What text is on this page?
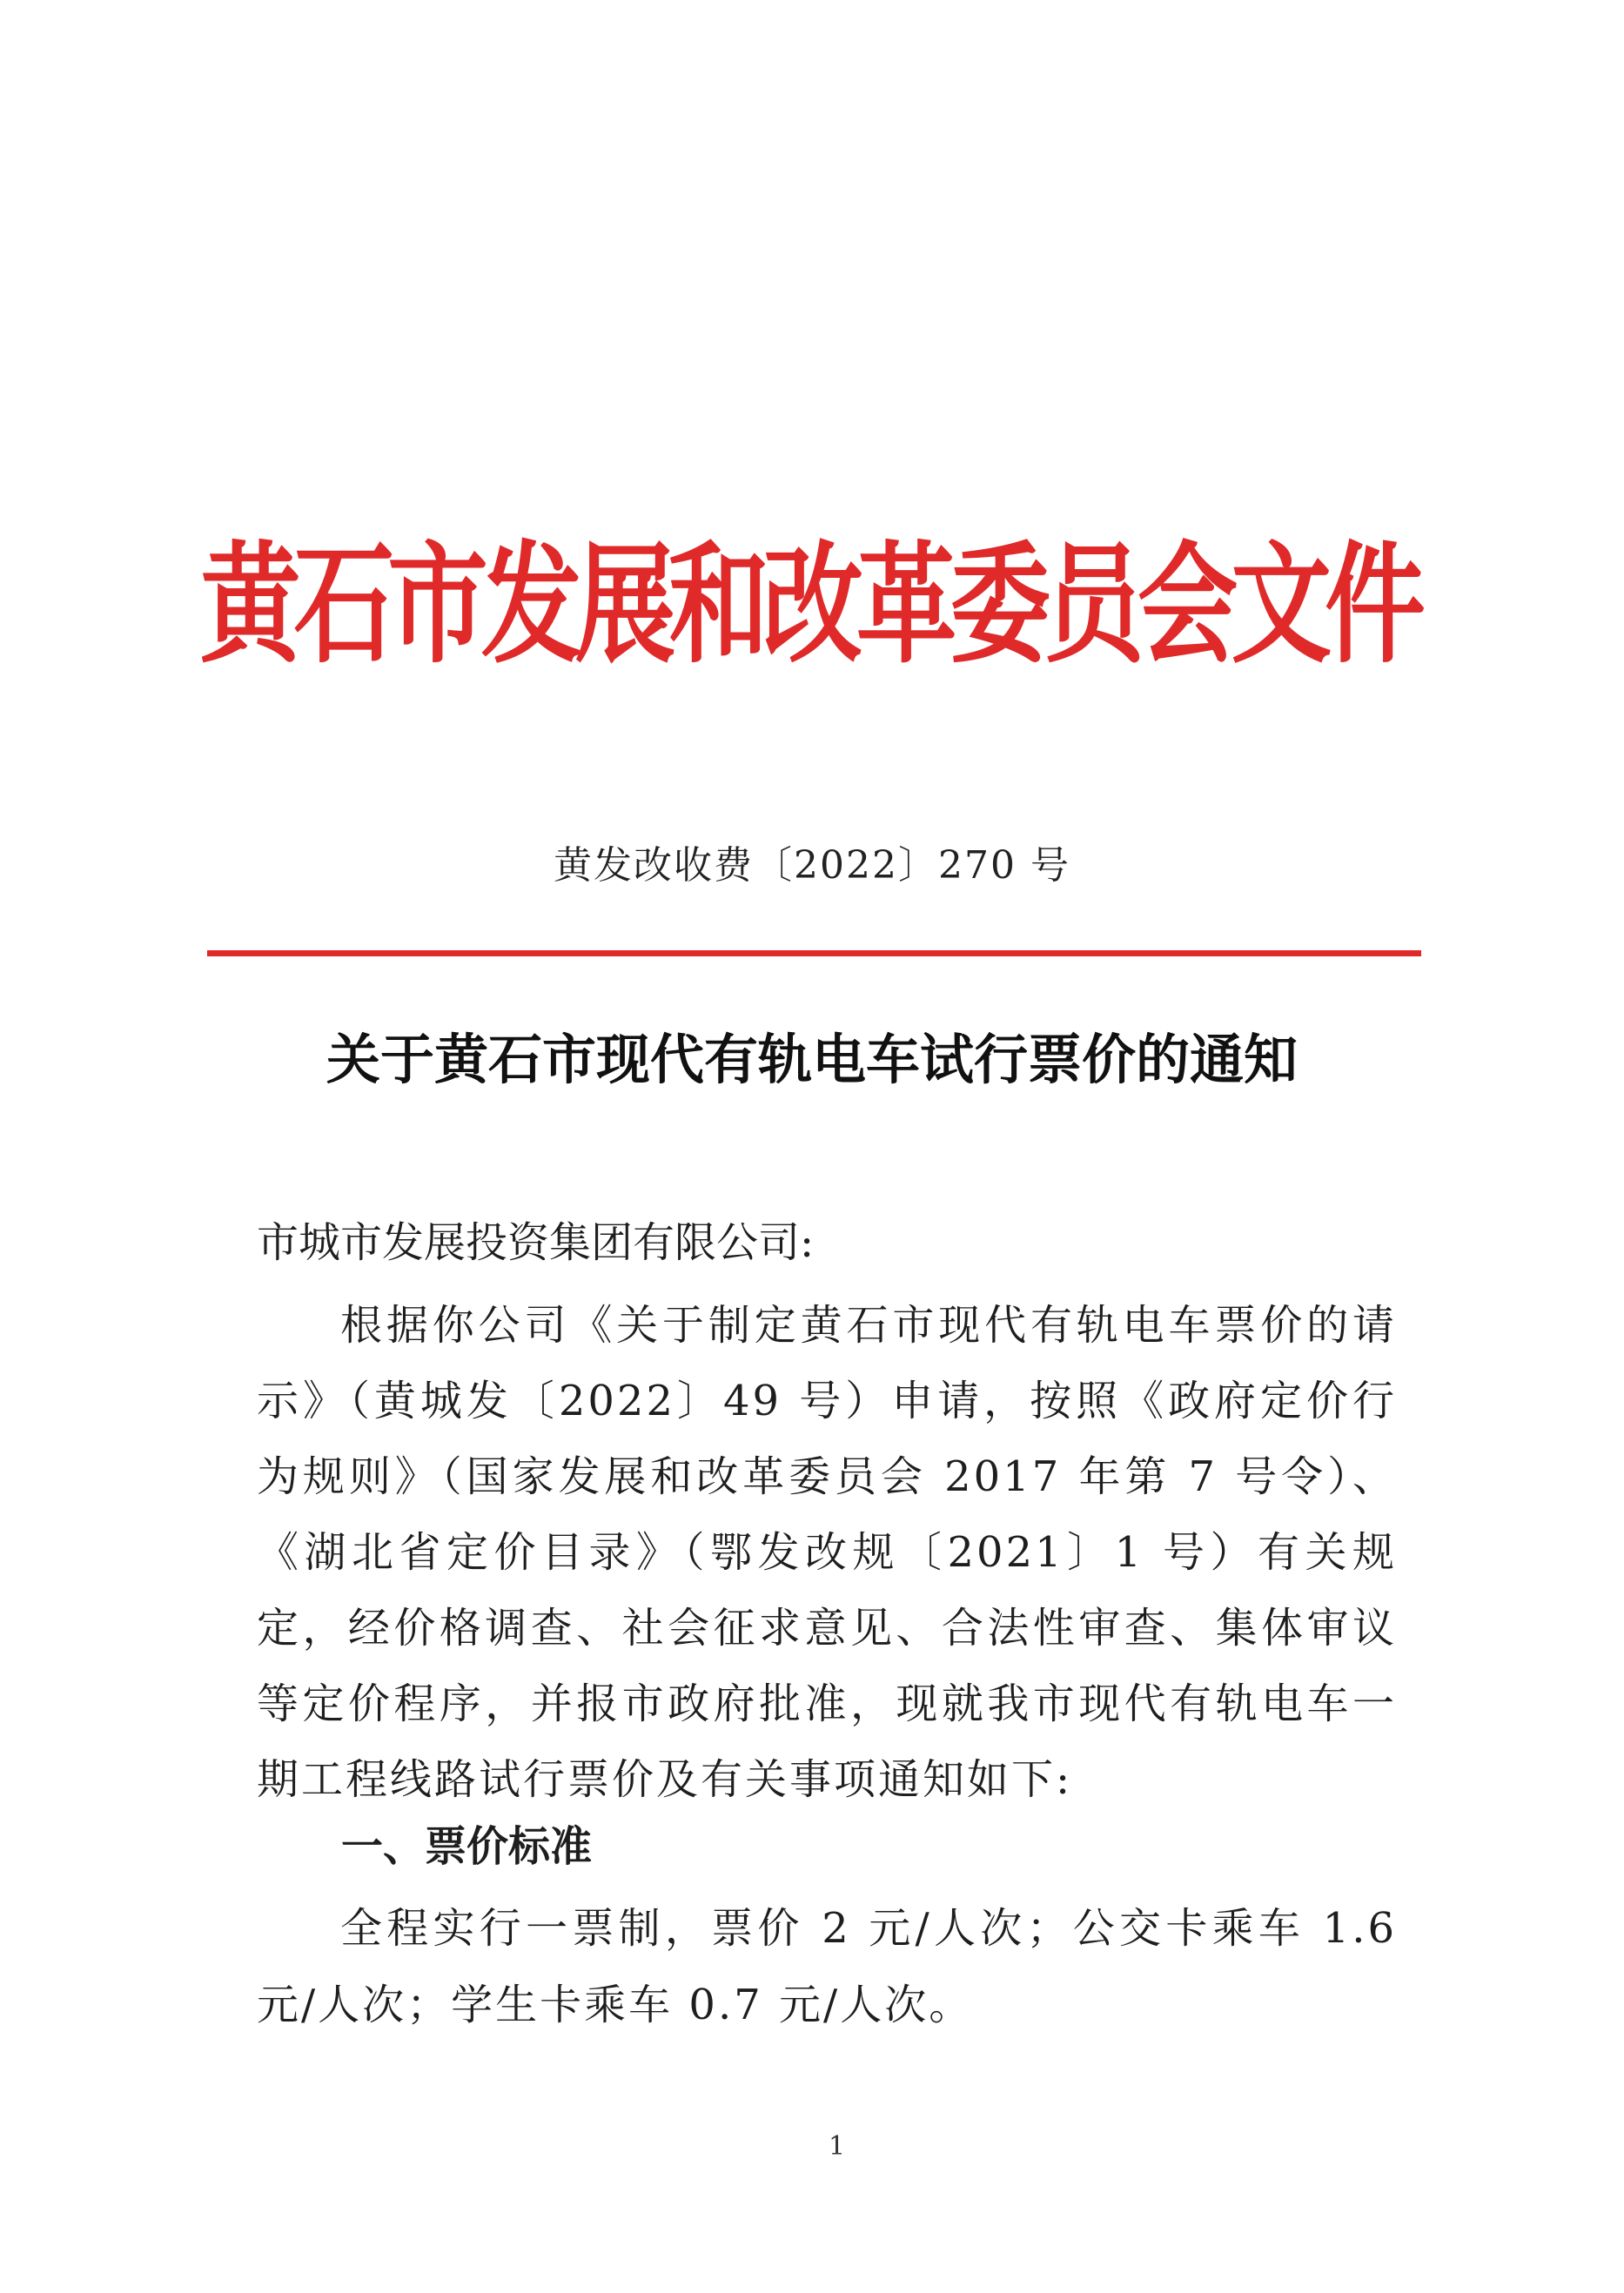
黄石市发展和改革委员会文件
黄发改收费〔2022〕270 号
关于黄石市现代有轨电车试行票价的通知
市城市发展投资集团有限公司:
根据你公司《关于制定黄石市现代有轨电车票价的请示》（黄城发〔2022〕49 号）申请，按照《政府定价行为规则》（国家发展和改革委员会 2017 年第 7 号令）、《湖北省定价目录》（鄂发改规〔2021〕1 号）有关规定，经价格调查、社会征求意见、合法性审查、集体审议等定价程序，并报市政府批准，现就我市现代有轨电车一期工程线路试行票价及有关事项通知如下:
一、票价标准
全程实行一票制，票价 2 元/人次；公交卡乘车 1.6 元/人次；学生卡乘车 0.7 元/人次。
1
